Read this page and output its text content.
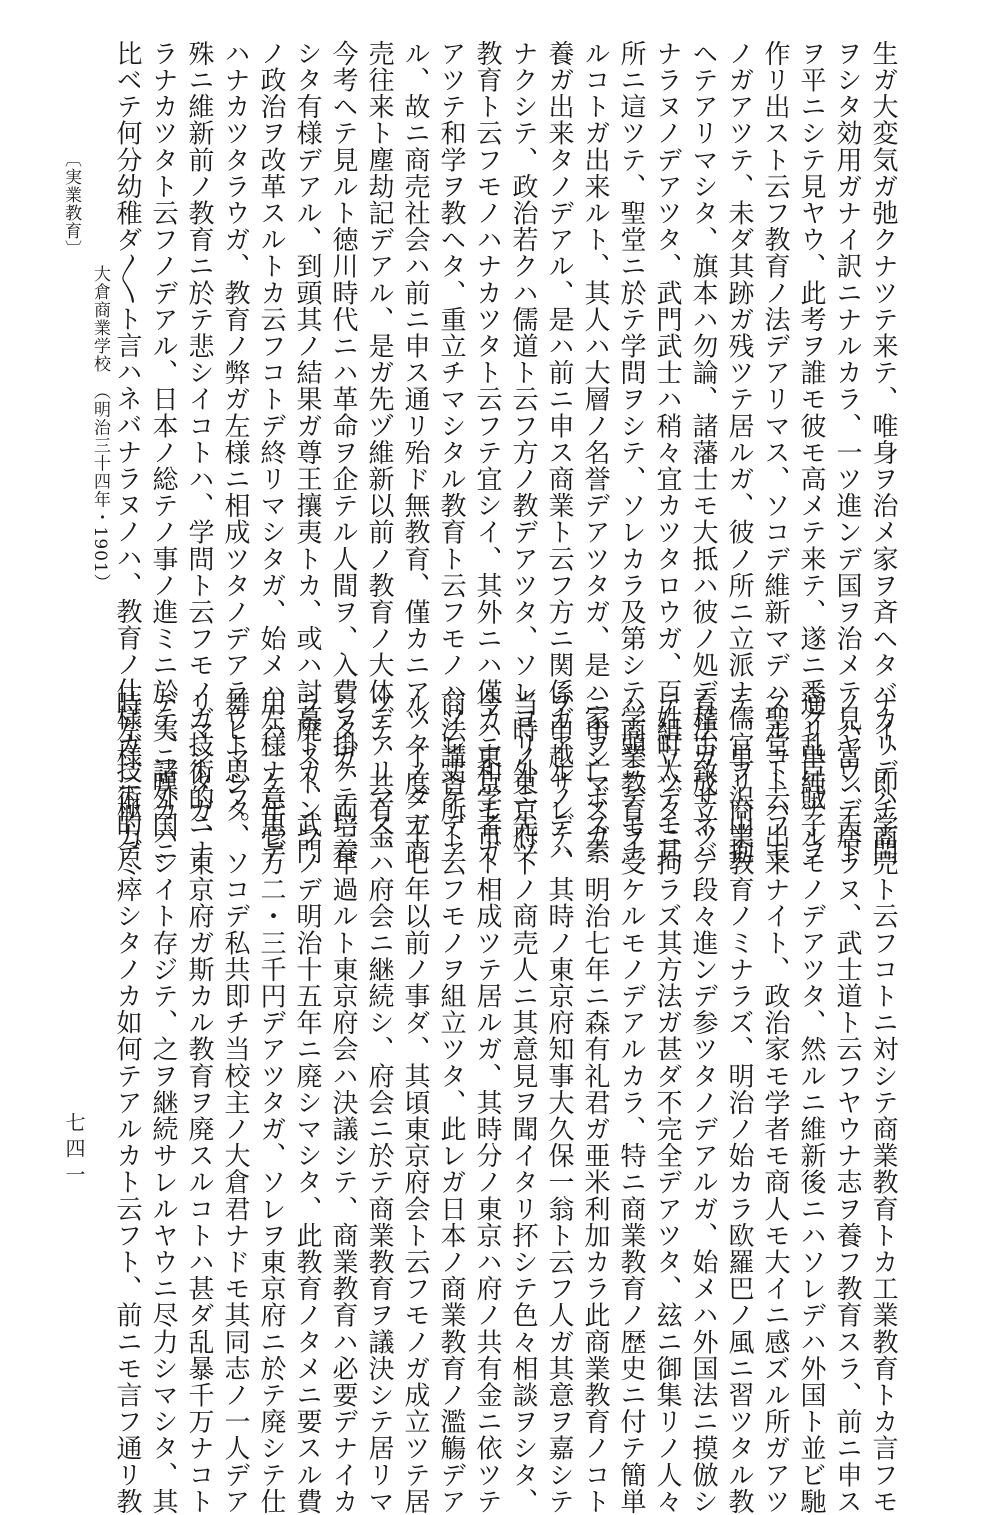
生ガ大変気ガ弛クナツテ来テ、唯身ヲ治メ家ヲ斉ヘタバカリデハ学問
ヲシタ効用ガナイ訳ニナルカラ、一ツ進ンデ国ヲ治メテ見ヤウ、天下
ヲ平ニシテ見ヤウ、此考ヲ誰モ彼モ高メテ来テ、遂ニ悉ク乱臣賊子ヲ
作リ出スト云フ教育ノ法デアリマス、ソコデ維新マデハ聖堂ト云フモ
ノガアツテ、未ダ其跡ガ残ツテ居ルガ、彼ノ所ニ立派ナ儒官ヲ沢山抱
ヘテアリマシタ、旗本ハ勿論、諸藩士モ大抵ハ彼ノ処デ稽古致サネバ
ナラヌノデアツタ、武門武士ハ稍々宜カツタロウガ、百姓町人デモ其
所ニ這ツテ、聖堂ニ於テ学問ヲシテ、ソレカラ及第シテ学頭ニデモナ
ルコトガ出来ルト、其人ハ大層ノ名誉デアツタガ、是ハ家ヲ亡ボス素
養ガ出来タノデアル、是ハ前ニ申ス商業ト云フ方ニ関係ガアルノデハ
ナクシテ、政治若クハ儒道ト云フ方ノ教デアツタ、ソレヨリ外ニ先ヅ
教育ト云フモノハナカツタト云フテ宜シイ、其外ニハ僅カニ和学者ガ
アツテ和学ヲ教ヘタ、重立チマシタル教育ト云フモノハソレ丈ケデア
ル、故ニ商売社会ハ前ニ申ス通リ殆ド無教育、僅カニアツタノダガ商
売往来ト塵劫記デアル、是ガ先ヅ維新以前ノ教育ノ大体デアリマス、
今考ヘテ見ルト徳川時代ニハ革命ヲ企テル人間ヲ、入費ヲ掛ケテ培養
シタ有様デアル、到頭其ノ結果ガ尊王攘夷トカ、或ハ討幕トカ、武門
ノ政治ヲ改革スルトカ云フコトデ終リマシタガ、始メハ左様ナ意思デ
ハナカツタラウガ、教育ノ弊ガ左様ニ相成ツタノデアラウト思フ。
殊ニ維新前ノ教育ニ於テ悲シイコトハ、学問ト云フモノガ技術的ニナ
ラナカツタト云フノデアル、日本ノ総テノ事ノ進ミニ於テ、諸外国ニ
比ベテ何分幼稚ダ〳〵ト言ハネバナラヌノハ、教育ノ仕様ガ技術的デ
ナイ、即チ商売ト云フコトニ対シテ商業教育トカ工業教育トカ言フモ
ノハ富ンデ居ラヌ、武士道ト云フヤウナ志ヲ養フ教育スラ、前ニ申ス
通リ単純ナルモノデアツタ、然ルニ維新後ニハソレデハ外国ト並ビ馳
スルコトハ出来ナイト、政治家モ学者モ商人モ大イニ感ズル所ガアツ
テ、単リ商業教育ノミナラズ、明治ノ始カラ欧羅巴ノ風ニ習ツタル教
育法ガ成立ツテ段々進ンデ参ツタノデアルガ、始メハ外国法ニ摸倣シ
テ組立ツタニ拘ラズ其方法ガ甚ダ不完全デアツタ、玆ニ御集リノ人々
ハ商業教育ヲ受ケルモノデアルカラ、特ニ商業教育ノ歴史ニ付テ簡単
ニ申シマスガ、明治七年ニ森有礼君ガ亜米利加カラ此商業教育ノコト
ヲ申越サレテ、其時ノ東京府知事大久保一翁ト云フ人ガ其意ヲ嘉シテ
当時ノ東京府下ノ商売人ニ其意見ヲ聞イタリ抔シテ色々相談ヲシタ、
今ハ東京モ市ト相成ツテ居ルガ、其時分ノ東京ハ府ノ共有金ニ依ツテ
商法講習所ト云フモノヲ組立ツタ、此レガ日本ノ商業教育ノ濫觴デア
ル、丁度二十七年以前ノ事ダ、其頃東京府会ト云フモノガ成立ツテ居
ツテ、共有金ハ府会ニ継続シ、府会ニ於テ商業教育ヲ議決シテ居リマ
シタガ、両三年過ルト東京府会ハ決議シテ、商業教育ハ必要デナイカ
ラ廃ストンフノデ明治十五年ニ廃シマシタ、此教育ノタメニ要スル費
用ハ一ケ年壱万二・三千円デアツタガ、ソレヲ東京府ニ於テ廃シテ仕
舞ヒマシタ、ソコデ私共即チ当校主ノ大倉君ナドモ其同志ノ一人デア
リマシタガ、東京府ガ斯カル教育ヲ廃スルコトハ甚ダ乱暴千万ナコト
デ実ニ嘆カハシイト存ジテ、之ヲ継続サレルヤウニ尽力シマシタ、其
時左様ニ極力尽瘁シタノカ如何テアルカト云フト、前ニモ言フ通リ教
〔実業教育〕
大倉商業学校　（明治三十四年・1901）
七四一
